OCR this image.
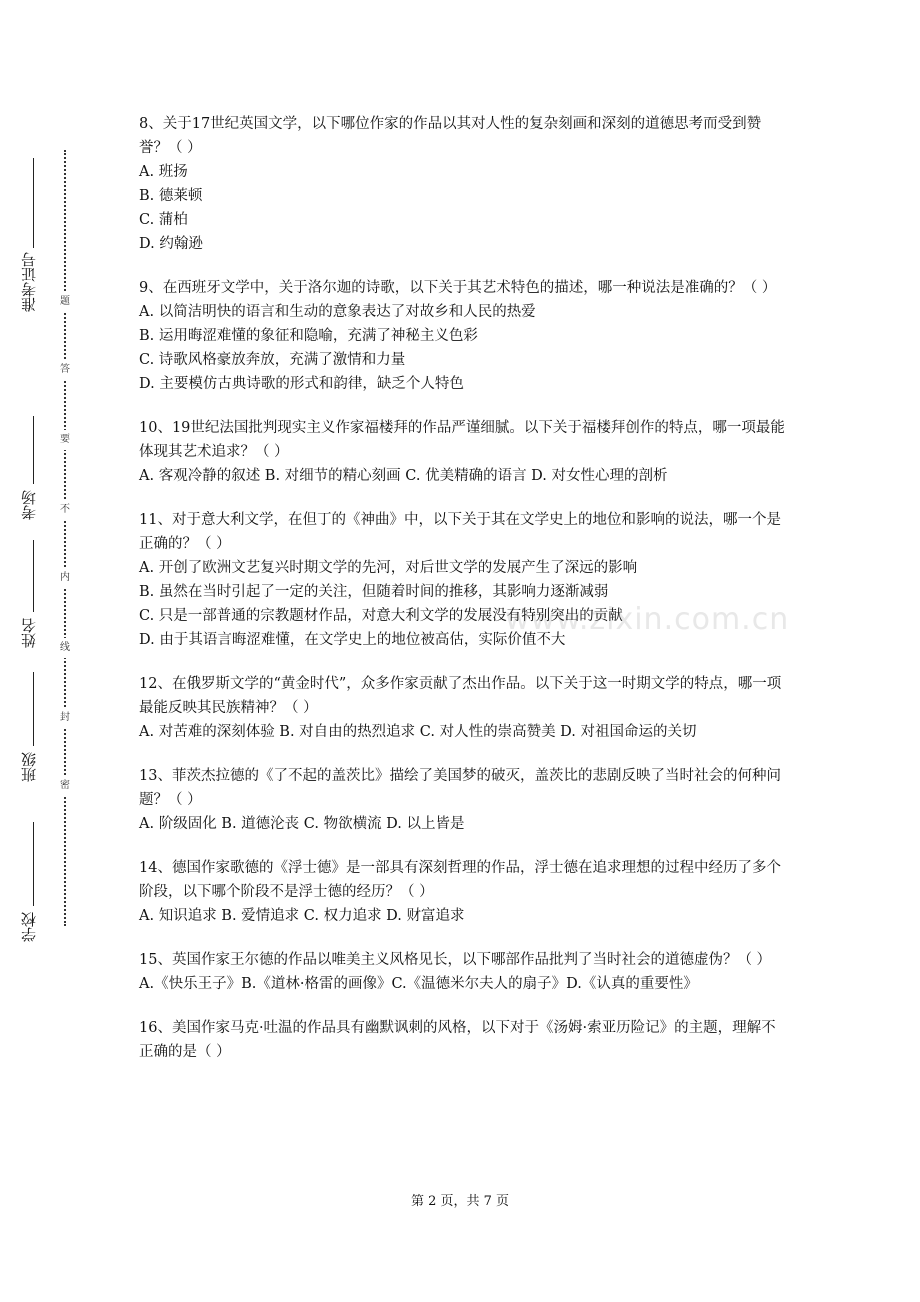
准考证号
考场
姓名
班级
学校
题
答
要
不
内
线
封
密
www.zixin.com.cn

8、关于17世纪英国文学，以下哪位作家的作品以其对人性的复杂刻画和深刻的道德思考而受到赞誉？（ ）

A. 班扬

B. 德莱顿

C. 蒲柏

D. 约翰逊

9、在西班牙文学中，关于洛尔迦的诗歌，以下关于其艺术特色的描述，哪一种说法是准确的？（ ）

A. 以简洁明快的语言和生动的意象表达了对故乡和人民的热爱

B. 运用晦涩难懂的象征和隐喻，充满了神秘主义色彩

C. 诗歌风格豪放奔放，充满了激情和力量

D. 主要模仿古典诗歌的形式和韵律，缺乏个人特色

10、19世纪法国批判现实主义作家福楼拜的作品严谨细腻。以下关于福楼拜创作的特点，哪一项最能体现其艺术追求？（ ）

A. 客观冷静的叙述 B. 对细节的精心刻画 C. 优美精确的语言 D. 对女性心理的剖析

11、对于意大利文学，在但丁的《神曲》中，以下关于其在文学史上的地位和影响的说法，哪一个是正确的？（ ）

A. 开创了欧洲文艺复兴时期文学的先河，对后世文学的发展产生了深远的影响

B. 虽然在当时引起了一定的关注，但随着时间的推移，其影响力逐渐减弱

C. 只是一部普通的宗教题材作品，对意大利文学的发展没有特别突出的贡献

D. 由于其语言晦涩难懂，在文学史上的地位被高估，实际价值不大

12、在俄罗斯文学的“黄金时代”，众多作家贡献了杰出作品。以下关于这一时期文学的特点，哪一项最能反映其民族精神？（ ）

A. 对苦难的深刻体验 B. 对自由的热烈追求 C. 对人性的崇高赞美 D. 对祖国命运的关切

13、菲茨杰拉德的《了不起的盖茨比》描绘了美国梦的破灭，盖茨比的悲剧反映了当时社会的何种问题？（ ）

A. 阶级固化 B. 道德沦丧 C. 物欲横流 D. 以上皆是

14、德国作家歌德的《浮士德》是一部具有深刻哲理的作品，浮士德在追求理想的过程中经历了多个阶段，以下哪个阶段不是浮士德的经历？（ ）

A. 知识追求 B. 爱情追求 C. 权力追求 D. 财富追求

15、英国作家王尔德的作品以唯美主义风格见长，以下哪部作品批判了当时社会的道德虚伪？（ ）

A.《快乐王子》B.《道林·格雷的画像》C.《温德米尔夫人的扇子》D.《认真的重要性》

16、美国作家马克·吐温的作品具有幽默讽刺的风格，以下对于《汤姆·索亚历险记》的主题，理解不正确的是（ ）

第 2 页，共 7 页
